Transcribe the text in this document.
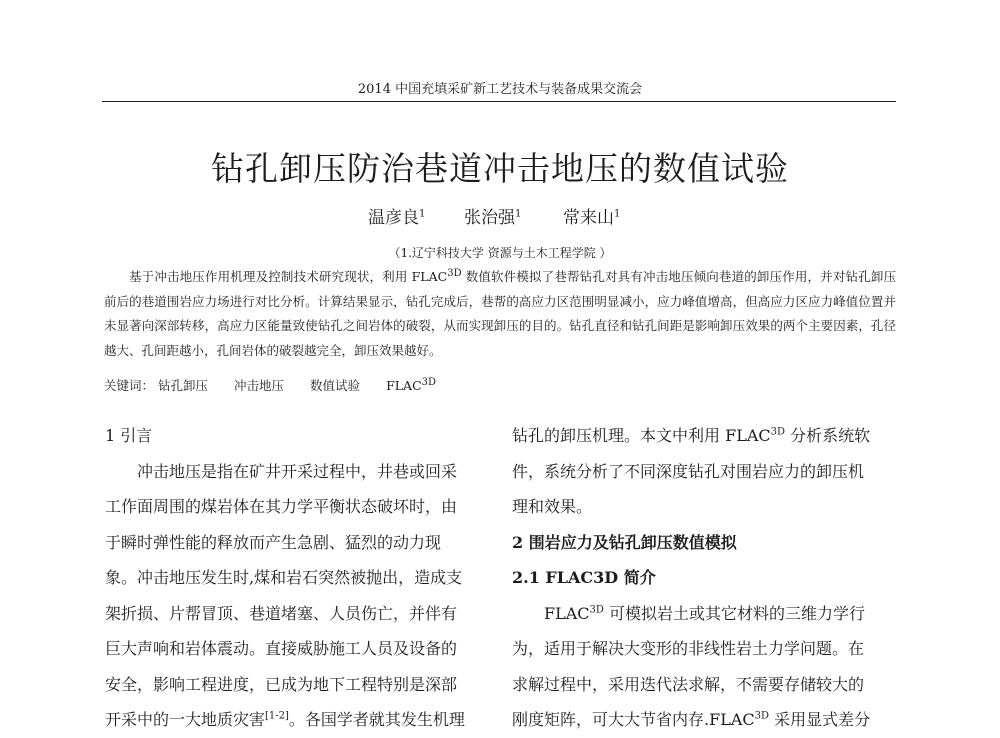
2014 中国充填采矿新工艺技术与装备成果交流会
钻孔卸压防治巷道冲击地压的数值试验
温彦良$^1$ 张治强$^1$ 常来山$^1$
（1.辽宁科技大学 资源与土木工程学院 ）

基于冲击地压作用机理及控制技术研究现状，利用 $FLAC^{3D}$ 数值软件模拟了巷帮钻孔对具有冲击地压倾向巷道的卸压作用，并对钻孔卸压前后的巷道围岩应力场进行对比分析。计算结果显示，钻孔完成后，巷帮的高应力区范围明显减小，应力峰值增高，但高应力区应力峰值位置并未显著向深部转移，高应力区能量致使钻孔之间岩体的破裂，从而实现卸压的目的。钻孔直径和钻孔间距是影响卸压效果的两个主要因素，孔径越大、孔间距越小，孔间岩体的破裂越完全，卸压效果越好。

关键词： 钻孔卸压 冲击地压 数值试验 $FLAC^{3D}$
1 引言
冲击地压是指在矿井开采过程中，井巷或回采
工作面周围的煤岩体在其力学平衡状态破坏时，由
于瞬时弹性能的释放而产生急剧、猛烈的动力现
象。冲击地压发生时,煤和岩石突然被抛出，造成支
架折损、片帮冒顶、巷道堵塞、人员伤亡，并伴有
巨大声响和岩体震动。直接威胁施工人员及设备的
安全，影响工程进度，已成为地下工程特别是深部
开采中的一大地质灾害[1-2]。各国学者就其发生机理
钻孔的卸压机理。本文中利用 $FLAC^{3D}$ 分析系统软
件，系统分析了不同深度钻孔对围岩应力的卸压机
理和效果。
2 围岩应力及钻孔卸压数值模拟
2.1 FLAC3D 简介
$FLAC^{3D}$ 可模拟岩土或其它材料的三维力学行
为，适用于解决大变形的非线性岩土力学问题。在
求解过程中，采用迭代法求解，不需要存储较大的
刚度矩阵，可大大节省内存$.FLAC^{3D}$ 采用显式差分
